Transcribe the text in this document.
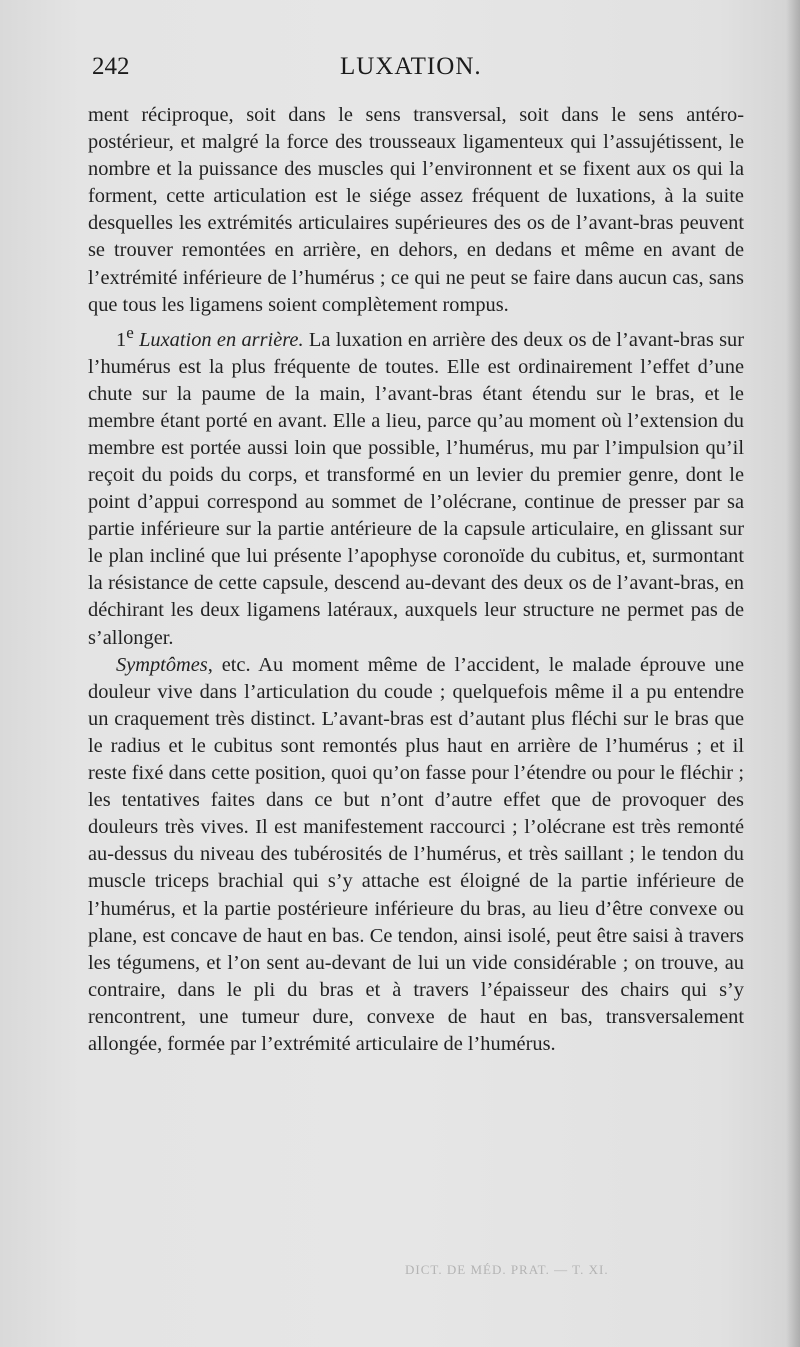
242	LUXATION.

ment réciproque, soit dans le sens transversal, soit dans le sens antéro-postérieur, et malgré la force des trousseaux ligamenteux qui l’assujétissent, le nombre et la puissance des muscles qui l’environnent et se fixent aux os qui la forment, cette articulation est le siége assez fréquent de luxations, à la suite desquelles les extrémités articulaires supérieures des os de l’avant-bras peuvent se trouver remontées en arrière, en dehors, en dedans et même en avant de l’extrémité inférieure de l’humérus ; ce qui ne peut se faire dans aucun cas, sans que tous les ligamens soient complètement rompus.

1e Luxation en arrière. La luxation en arrière des deux os de l’avant-bras sur l’humérus est la plus fréquente de toutes. Elle est ordinairement l’effet d’une chute sur la paume de la main, l’avant-bras étant étendu sur le bras, et le membre étant porté en avant. Elle a lieu, parce qu’au moment où l’extension du membre est portée aussi loin que possible, l’humérus, mu par l’impulsion qu’il reçoit du poids du corps, et transformé en un levier du premier genre, dont le point d’appui correspond au sommet de l’olécrane, continue de presser par sa partie inférieure sur la partie antérieure de la capsule articulaire, en glissant sur le plan incliné que lui présente l’apophyse coronoïde du cubitus, et, surmontant la résistance de cette capsule, descend au-devant des deux os de l’avant-bras, en déchirant les deux ligamens latéraux, auxquels leur structure ne permet pas de s’allonger.

Symptômes, etc. Au moment même de l’accident, le malade éprouve une douleur vive dans l’articulation du coude ; quelquefois même il a pu entendre un craquement très distinct. L’avant-bras est d’autant plus fléchi sur le bras que le radius et le cubitus sont remontés plus haut en arrière de l’humérus ; et il reste fixé dans cette position, quoi qu’on fasse pour l’étendre ou pour le fléchir ; les tentatives faites dans ce but n’ont d’autre effet que de provoquer des douleurs très vives. Il est manifestement raccourci ; l’olécrane est très remonté au-dessus du niveau des tubérosités de l’humérus, et très saillant ; le tendon du muscle triceps brachial qui s’y attache est éloigné de la partie inférieure de l’humérus, et la partie postérieure inférieure du bras, au lieu d’être convexe ou plane, est concave de haut en bas. Ce tendon, ainsi isolé, peut être saisi à travers les tégumens, et l’on sent au-devant de lui un vide considérable ; on trouve, au contraire, dans le pli du bras et à travers l’épaisseur des chairs qui s’y rencontrent, une tumeur dure, convexe de haut en bas, transversalement allongée, formée par l’extrémité articulaire de l’humérus.

DICT. DE MÉD. PRAT. — T. XI.
